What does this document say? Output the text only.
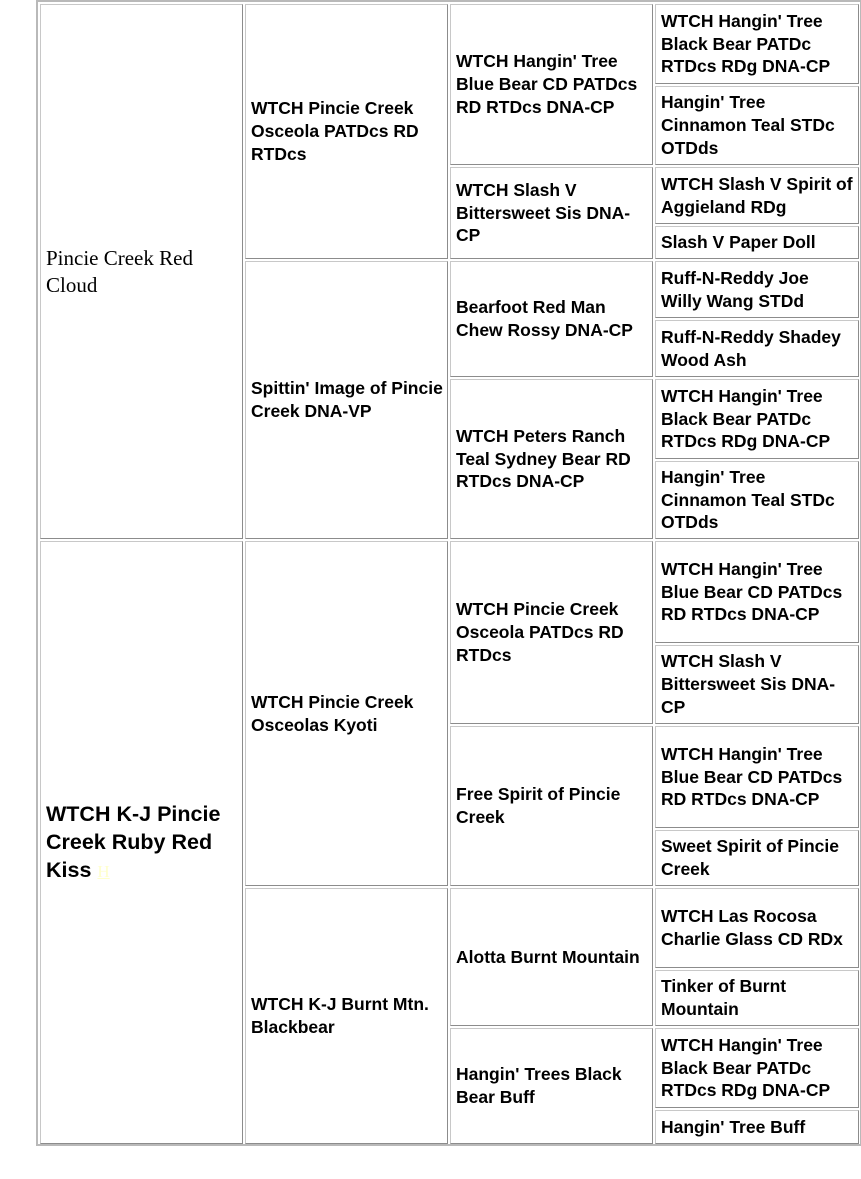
Pincie Creek Red Cloud
WTCH K-J Pincie Creek Ruby Red Kiss H
WTCH Pincie Creek Osceola PATDcs RD RTDcs
Spittin' Image of Pincie Creek DNA-VP
WTCH Pincie Creek Osceolas Kyoti
WTCH K-J Burnt Mtn. Blackbear
WTCH Hangin' Tree Blue Bear CD PATDcs RD RTDcs DNA-CP
WTCH Slash V Bittersweet Sis DNA-CP
Bearfoot Red Man Chew Rossy DNA-CP
WTCH Peters Ranch Teal Sydney Bear RD RTDcs DNA-CP
WTCH Pincie Creek Osceola PATDcs RD RTDcs
Free Spirit of Pincie Creek
Alotta Burnt Mountain
Hangin' Trees Black Bear Buff
WTCH Hangin' Tree Black Bear PATDc RTDcs RDg DNA-CP
Hangin' Tree Cinnamon Teal STDc OTDds
WTCH Slash V Spirit of Aggieland RDg
Slash V Paper Doll
Ruff-N-Reddy Joe Willy Wang STDd
Ruff-N-Reddy Shadey Wood Ash
WTCH Hangin' Tree Black Bear PATDc RTDcs RDg DNA-CP
Hangin' Tree Cinnamon Teal STDc OTDds
WTCH Hangin' Tree Blue Bear CD PATDcs RD RTDcs DNA-CP
WTCH Slash V Bittersweet Sis DNA-CP
WTCH Hangin' Tree Blue Bear CD PATDcs RD RTDcs DNA-CP
Sweet Spirit of Pincie Creek
WTCH Las Rocosa Charlie Glass CD RDx
Tinker of Burnt Mountain
WTCH Hangin' Tree Black Bear PATDc RTDcs RDg DNA-CP
Hangin' Tree Buff
